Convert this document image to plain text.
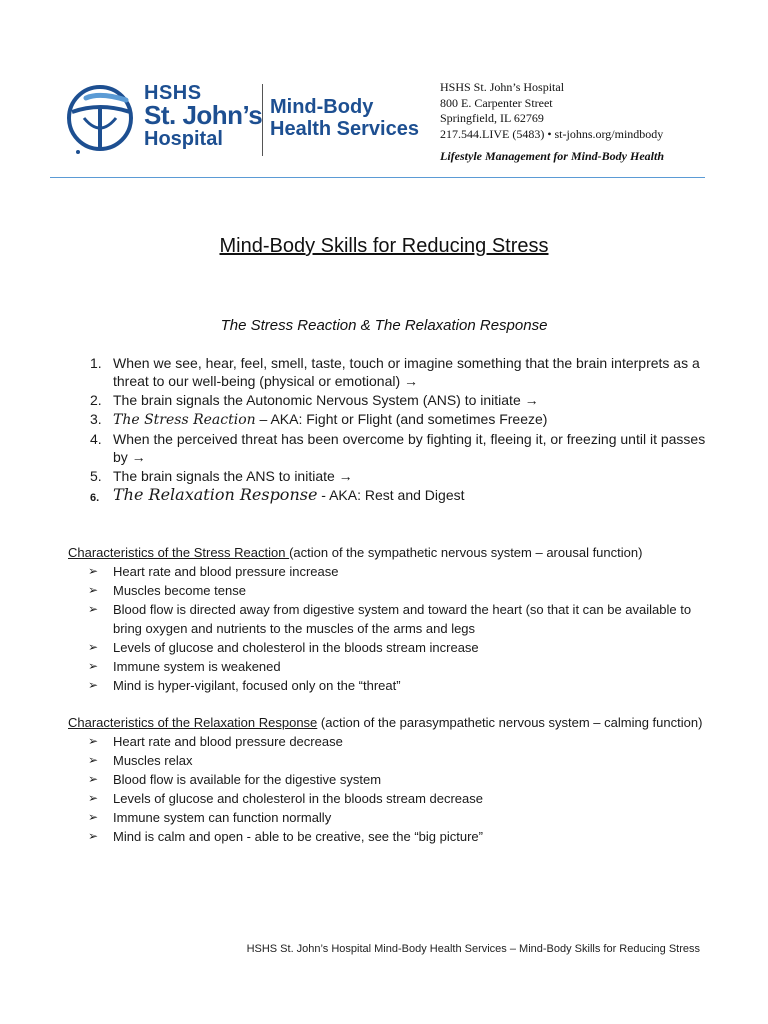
HSHS
St. John’s
Hospital
Mind-Body
Health Services
HSHS St. John’s Hospital
800 E. Carpenter Street
Springfield, IL 62769
217.544.LIVE (5483) • st-johns.org/mindbody
Lifestyle Management for Mind-Body Health
Mind-Body Skills for Reducing Stress
The Stress Reaction & The Relaxation Response
1. When we see, hear, feel, smell, taste, touch or imagine something that the brain interprets as a threat to our well-being (physical or emotional) →
2. The brain signals the Autonomic Nervous System (ANS) to initiate →
3. The Stress Reaction – AKA: Fight or Flight (and sometimes Freeze)
4. When the perceived threat has been overcome by fighting it, fleeing it, or freezing until it passes by →
5. The brain signals the ANS to initiate →
6. The Relaxation Response - AKA: Rest and Digest
Characteristics of the Stress Reaction (action of the sympathetic nervous system – arousal function)
➢ Heart rate and blood pressure increase
➢ Muscles become tense
➢ Blood flow is directed away from digestive system and toward the heart (so that it can be available to bring oxygen and nutrients to the muscles of the arms and legs
➢ Levels of glucose and cholesterol in the bloods stream increase
➢ Immune system is weakened
➢ Mind is hyper-vigilant, focused only on the “threat”
Characteristics of the Relaxation Response (action of the parasympathetic nervous system – calming function)
➢ Heart rate and blood pressure decrease
➢ Muscles relax
➢ Blood flow is available for the digestive system
➢ Levels of glucose and cholesterol in the bloods stream decrease
➢ Immune system can function normally
➢ Mind is calm and open - able to be creative, see the “big picture”
HSHS St. John’s Hospital Mind-Body Health Services – Mind-Body Skills for Reducing Stress
